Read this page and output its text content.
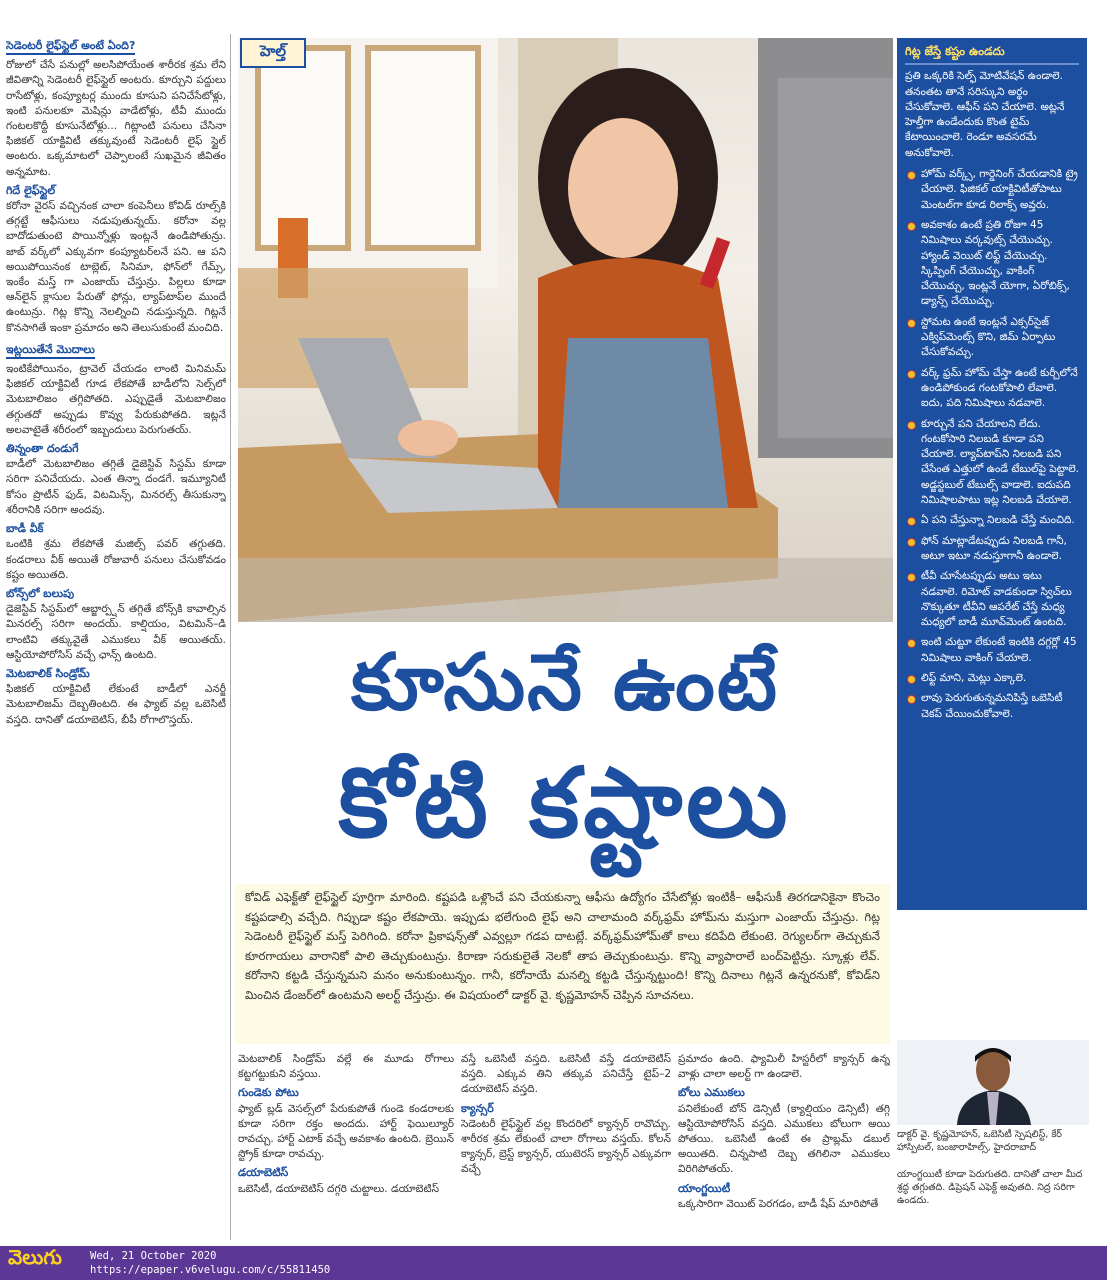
సెడెంటరీ లైఫ్‌స్టైల్ అంటే ఏంది?

రోజులో చేసే పనుల్లో అలసిపోయేంత శారీరక శ్రమ లేని జీవితాన్ని సెడెంటరీ లైఫ్‌స్టైల్ అంటరు. కూర్చుని పద్దులు రాసేటోళ్లు, కంప్యూటర్ల ముందు కూసుని పనిచేసేటోళ్లు, ఇంటి పనులకూ మెషిన్లు వాడేటోళ్లు, టీవీ ముందు గంటలకొద్దీ కూసునేటోళ్లు... గిట్లాంటి పనులు చేసినా ఫిజికల్ యాక్టివిటీ తక్కువుంటే సెడెంటరీ లైఫ్ స్టైల్ అంటరు. ఒక్కమాటలో చెప్పాలంటే సుఖమైన జీవితం అన్నమాట.

గిదే లైఫ్‌స్టైల్

కరోనా వైరస్ వచ్చినంక చాలా కంపెనీలు కోవిడ్ రూల్స్‌కి తగ్గట్టే ఆఫీసులు నడుపుతున్నయ్. కరోనా వల్ల బాదోడుతుంటె పొయిన్నోళ్లు ఇంట్లనే ఉండిపోతున్రు. జాబ్ వర్క్‌లో ఎక్కువగా కంప్యూటర్‌లనే పని. ఆ పని అయిపోయినంక టాబ్లెట్, సినిమా, ఫోన్‌లో గేమ్స్, ఇంకేం మస్త్ గా ఎంజాయ్ చేస్తున్రు. పిల్లలు కూడా ఆన్‌లైన్ క్లాసుల పేరుతో ఫోన్లు, ల్యాప్‌టాప్‌ల ముందే ఉంటున్రు. గిట్ల కొన్ని నెలల్నించి నడుస్తున్నది. గిట్లనే కొనసాగితే ఇంకా ప్రమాదం అని తెలుసుకుంటే మంచిది.

ఇట్లయితేనే మొదాలు

ఇంటికేపోయినం, ట్రావెల్ చేయడం లాంటి మినిమమ్ ఫిజికల్ యాక్టివిటీ గూడ లేకపోతే బాడీలోని సెల్స్‌లో మెటబాలిజం తగ్గిపోతది. ఎప్పుడైతే మెటబాలిజం తగ్గుతదో అప్పుడు కొవ్వు పేరుకుపోతది. ఇట్లనే అలవాటైతే శరీరంలో ఇబ్బందులు పెరుగుతయ్.

తిన్నంతా దండుగే

బాడీలో మెటబాలిజం తగ్గితే డైజెస్టివ్ సిస్టమ్ కూడా సరిగా పనిచేయదు. ఎంత తిన్నా దండగే. ఇమ్యూనిటీ కోసం ప్రొటీన్ ఫుడ్, విటమిన్స్, మినరల్స్ తీసుకున్నా శరీరానికి సరిగా అందవు.

బాడీ వీక్

ఒంటికి శ్రమ లేకపోతే మజిల్స్ పవర్ తగ్గుతది. కండరాలు వీక్ అయితే రోజువారీ పనులు చేసుకోవడం కష్టం అయితది.

బోన్స్‌లో బలుపు

డైజెస్టివ్ సిస్టమ్‌లో ఆబ్జార్ప్షన్ తగ్గితే బోన్స్‌కి కావాల్సిన మినరల్స్ సరిగా అందయ్. కాల్షియం, విటమిన్–డి లాంటివి తక్కువైతే ఎముకలు వీక్ అయితయ్. ఆస్టియోపోరోసిస్ వచ్చే ఛాన్స్ ఉంటది.

మెటబాలిక్ సిండ్రోమ్

ఫిజికల్ యాక్టివిటీ లేకుంటే బాడీలో ఎనర్జీ మెటబాలిజమ్ దెబ్బతింటది. ఈ ఫ్యాట్ వల్ల ఒబెసిటీ వస్తది. దానితో డయాబెటిస్, బీపీ రోగాలొస్తయ్.

హెల్త్
కూసునే ఉంటే
కోటి కష్టాలు
కోవిడ్ ఎఫెక్ట్‌తో లైఫ్‌స్టైల్ పూర్తిగా మారింది. కష్టపడి ఒళ్లొంచే పని చేయకున్నా ఆఫీసు ఉద్యోగం చేసేటోళ్లు ఇంటికీ– ఆఫీసుకీ తిరగడానికైనా కొంచెం కష్టపడాల్సి వచ్చేది. గిప్పుడా కష్టం లేకపాయె. ఇప్పుడు భలేగుంది లైఫ్ అని చాలామంది వర్క్‌ఫ్రమ్ హోమ్‌ను మస్తుగా ఎంజాయ్ చేస్తున్రు. గిట్ల సెడెంటరీ లైఫ్‌స్టైల్ మస్త్ పెరిగింది. కరోనా ప్రికాషన్స్‌తో ఎవ్వల్లూ గడప దాటట్లే. వర్క్‌ఫ్రమ్‌హోమ్‌తో కాలు కదిపేది లేకుంటె. రెగ్యులర్‌గా తెచ్చుకునే కూరగాయలు వారానికో పాలి తెచ్చుకుంటున్రు. కిరాణా సరుకులైతే నెలకో తాప తెచ్చుకుంటున్రు. కొన్ని వ్యాపారాలే బంద్‌పెట్టిన్రు. స్కూళ్లు లేవ్. కరోనాని కట్టడి చేస్తున్నమని మనం అనుకుంటున్నం. గానీ, కరోనాయే మనల్ని కట్టడి చేస్తున్నట్టుంది! కొన్ని దినాలు గిట్లనే ఉన్నరనుకో, కోవిడ్‌ని మించిన డేంజర్‌లో ఉంటమని అలర్ట్ చేస్తున్రు. ఈ విషయంలో డాక్టర్ వై. కృష్ణమోహన్ చెప్పిన సూచనలు.
గిట్ల జేస్తే కష్టం ఉండదు

ప్రతి ఒక్కరికి సెల్ఫ్ మోటివేషన్ ఉండాలె. తనంతట తానే సరిస్కుని అర్థం చేసుకోవాలె. ఆఫీస్ పని చేయాలె. అట్లనే హెల్తీగా ఉండేందుకు కొంత టైమ్ కేటాయించాలె. రెండూ అవసరమే అనుకోవాలె.

హోమ్ వర్క్స్, గార్డెనింగ్ చేయడానికి ట్రై చేయాలె. ఫిజికల్ యాక్టివిటీతోపాటు మెంటల్‌గా కూడ రిలాక్స్ అవ్తరు.
అవకాశం ఉంటే ప్రతి రోజూ 45 నిమిషాలు వర్కవుట్స్ చేయొచ్చు. హ్యాండ్ వెయిట్ లిఫ్ట్ చేయొచ్చు. స్కిప్పింగ్ చేయొచ్చు, వాకింగ్ చేయొచ్చు, ఇంట్లనే యోగా, ఏరోబిక్స్, డ్యాన్స్ చేయొచ్చు.
స్టోమట ఉంటే ఇంట్లనే ఎక్సర్‌సైజ్ ఎక్విప్‌మెంట్స్ కొని, జిమ్ ఏర్పాటు చేసుకోవచ్చు.
వర్క్ ఫ్రమ్ హోమ్ చేస్తా ఉంటే కుర్చీలోనే ఉండిపోకుండ గంటకోపాలి లేవాలె. ఐదు, పది నిమిషాలు నడవాలె.
కూర్చునే పని చేయాలని లేదు. గంటకోసారి నిలబడి కూడా పని చేయాలె. ల్యాప్‌టాప్‌ని నిలబడి పని చేసేంత ఎత్తులో ఉండే టేబుల్‌పై పెట్టాలె. అడ్జస్టబుల్ టేబుల్స్ వాడాలె. ఐదుపది నిమిషాలపాటు ఇట్ల నిలబడి చేయాలె.
ఏ పని చేస్తున్నా నిలబడి చేస్తే మంచిది.
ఫోన్ మాట్లాడేటప్పుడు నిలబడి గానీ, అటూ ఇటూ నడుస్తూగానీ ఉండాలె.
టీవీ చూసేటప్పుడు అటు ఇటు నడవాలె. రిమోట్ వాడకుండా స్విచ్‌లు నొక్కుతూ టీవీని ఆపరేట్ చేస్తే మధ్య మధ్యలో బాడీ మూవ్‌మెంట్ ఉంటది.
ఇంటి చుట్టూ లేకుంటే ఇంటికి దగ్గర్లో 45 నిమిషాలు వాకింగ్ చేయాలె.
లిఫ్ట్ మాని, మెట్లు ఎక్కాలె.
లావు పెరుగుతున్నమనిపిస్తే ఒబెసిటీ చెకప్ చేయించుకోవాలె.

మెటబాలిక్ సిండ్రోమ్ వల్లే ఈ మూడు రోగాలు కట్టగట్టుకుని వస్తయి.

గుండెకు పోటు

ఫ్యాట్ బ్లడ్‌ వెసల్స్‌లో పేరుకుపోతే గుండె కండరాలకు కూడా సరిగా రక్తం అందదు. హార్ట్ ఫెయిల్యూర్ రావచ్చు. హార్ట్ ఎటాక్ వచ్చే అవకాశం ఉంటది. బ్రెయిన్ స్ట్రోక్ కూడా రావచ్చు.

డయాబెటిస్

ఒబెసిటీ, డయాబెటిస్ దగ్గరి చుట్టాలు. డయాబెటిస్

వస్తే ఒబెసిటీ వస్తది. ఒబెసిటీ వస్తే డయాబెటిస్ వస్తది. ఎక్కువ తిని తక్కువ పనిచేస్తే టైప్–2 డయాబెటిస్ వస్తది.

క్యాన్సర్

సెడెంటరీ లైఫ్‌స్టైల్ వల్ల కొందరిలో క్యాన్సర్ రావొచ్చు. శారీరక శ్రమ లేకుంటే చాలా రోగాలు వస్తయ్. కోలన్ క్యాన్సర్, బ్రెస్ట్ క్యాన్సర్, యుటెరస్ క్యాన్సర్ ఎక్కువగా వచ్చే

ప్రమాదం ఉంది. ఫ్యామిలీ హిస్టరీలో క్యాన్సర్ ఉన్న వాళ్లు చాలా అలర్ట్ గా ఉండాలె.

బోలు ఎముకలు

పనిలేకుంటే బోన్ డెన్సిటీ (క్యాల్షియం డెన్సిటీ) తగ్గి ఆస్టియోపోరోసిస్ వస్తది. ఎముకలు బోలుగా అయి పోతయి. ఒబెసిటీ ఉంటే ఈ ప్రాబ్లమ్ డబుల్ అయితది. చిన్నపాటి దెబ్బ తగిలినా ఎముకలు విరిగిపోతయ్.

యాంగ్జయిటీ

ఒక్కసారిగా వెయిట్ పెరగడం, బాడీ షేప్ మారిపోతే

డాక్టర్ వై. కృష్ణమోహన్, ఒబెసిటీ స్పెషలిస్ట్, కేర్ హాస్పిటల్, బంజారాహిల్స్, హైదరాబాద్
యాంగ్జయిటీ కూడా పెరుగుతది. దానితో చాలా మీద శ్రద్ధ తగ్గుతది. డిప్రెషన్‌ ఎఫెక్ట్ అవుతది. నిద్ర సరిగా ఉండదు.
వెలుగు	Wed, 21 October 2020
https://epaper.v6velugu.com/c/55811450
